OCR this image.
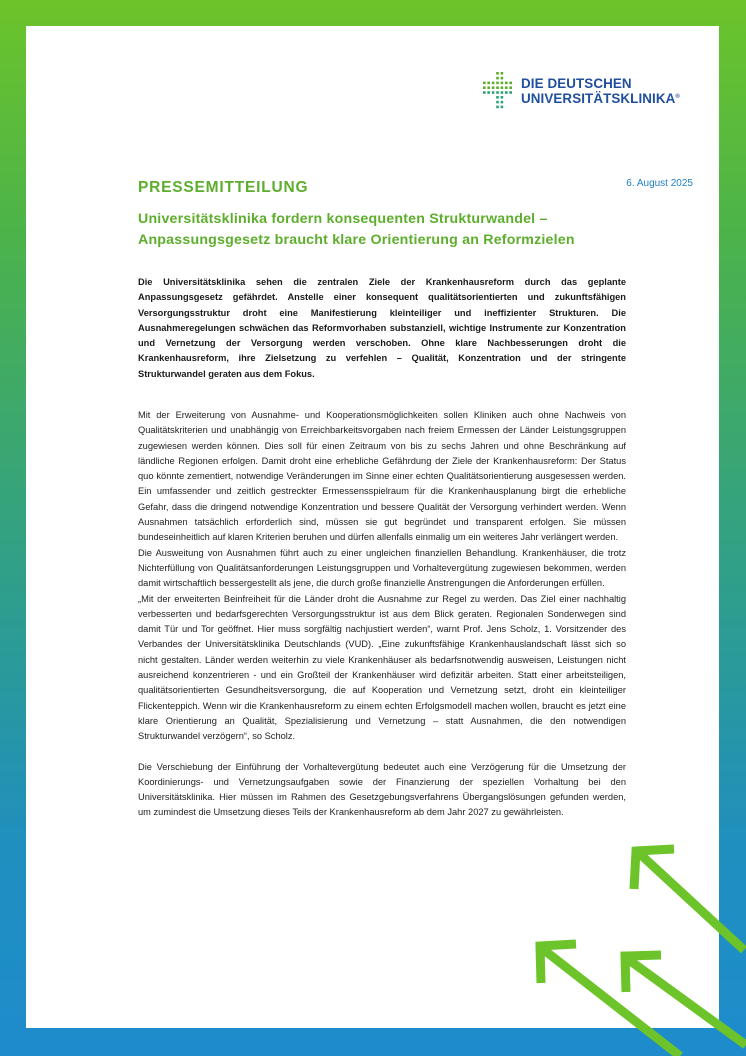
DIE DEUTSCHEN
UNIVERSITÄTSKLINIKA®
6. August 2025
PRESSEMITTEILUNG
Universitätsklinika fordern konsequenten Strukturwandel –
Anpassungsgesetz braucht klare Orientierung an Reformzielen

Die Universitätsklinika sehen die zentralen Ziele der Krankenhausreform durch das geplante Anpassungsgesetz gefährdet. Anstelle einer konsequent qualitätsorientierten und zukunftsfähigen Versorgungsstruktur droht eine Manifestierung kleinteiliger und ineffizienter Strukturen. Die Ausnahmeregelungen schwächen das Reformvorhaben substanziell, wichtige Instrumente zur Konzentration und Vernetzung der Versorgung werden verschoben. Ohne klare Nachbesserungen droht die Krankenhausreform, ihre Zielsetzung zu verfehlen – Qualität, Konzentration und der stringente Strukturwandel geraten aus dem Fokus.

Mit der Erweiterung von Ausnahme- und Kooperationsmöglichkeiten sollen Kliniken auch ohne Nachweis von Qualitätskriterien und unabhängig von Erreichbarkeitsvorgaben nach freiem Ermessen der Länder Leistungsgruppen zugewiesen werden können. Dies soll für einen Zeitraum von bis zu sechs Jahren und ohne Beschränkung auf ländliche Regionen erfolgen. Damit droht eine erhebliche Gefährdung der Ziele der Krankenhausreform: Der Status quo könnte zementiert, notwendige Veränderungen im Sinne einer echten Qualitätsorientierung ausgesessen werden. Ein umfassender und zeitlich gestreckter Ermessensspielraum für die Krankenhausplanung birgt die erhebliche Gefahr, dass die dringend notwendige Konzentration und bessere Qualität der Versorgung verhindert werden. Wenn Ausnahmen tatsächlich erforderlich sind, müssen sie gut begründet und transparent erfolgen. Sie müssen bundeseinheitlich auf klaren Kriterien beruhen und dürfen allenfalls einmalig um ein weiteres Jahr verlängert werden.

Die Ausweitung von Ausnahmen führt auch zu einer ungleichen finanziellen Behandlung. Krankenhäuser, die trotz Nichterfüllung von Qualitätsanforderungen Leistungsgruppen und Vorhaltevergütung zugewiesen bekommen, werden damit wirtschaftlich bessergestellt als jene, die durch große finanzielle Anstrengungen die Anforderungen erfüllen.

„Mit der erweiterten Beinfreiheit für die Länder droht die Ausnahme zur Regel zu werden. Das Ziel einer nachhaltig verbesserten und bedarfsgerechten Versorgungsstruktur ist aus dem Blick geraten. Regionalen Sonderwegen sind damit Tür und Tor geöffnet. Hier muss sorgfältig nachjustiert werden“, warnt Prof. Jens Scholz, 1. Vorsitzender des Verbandes der Universitätsklinika Deutschlands (VUD). „Eine zukunftsfähige Krankenhauslandschaft lässt sich so nicht gestalten. Länder werden weiterhin zu viele Krankenhäuser als bedarfsnotwendig ausweisen, Leistungen nicht ausreichend konzentrieren - und ein Großteil der Krankenhäuser wird defizitär arbeiten. Statt einer arbeitsteiligen, qualitätsorientierten Gesundheitsversorgung, die auf Kooperation und Vernetzung setzt, droht ein kleinteiliger Flickenteppich. Wenn wir die Krankenhausreform zu einem echten Erfolgsmodell machen wollen, braucht es jetzt eine klare Orientierung an Qualität, Spezialisierung und Vernetzung – statt Ausnahmen, die den notwendigen Strukturwandel verzögern“, so Scholz.

Die Verschiebung der Einführung der Vorhaltevergütung bedeutet auch eine Verzögerung für die Umsetzung der Koordinierungs- und Vernetzungsaufgaben sowie der Finanzierung der speziellen Vorhaltung bei den Universitätsklinika. Hier müssen im Rahmen des Gesetzgebungsverfahrens Übergangslösungen gefunden werden, um zumindest die Umsetzung dieses Teils der Krankenhausreform ab dem Jahr 2027 zu gewährleisten.
